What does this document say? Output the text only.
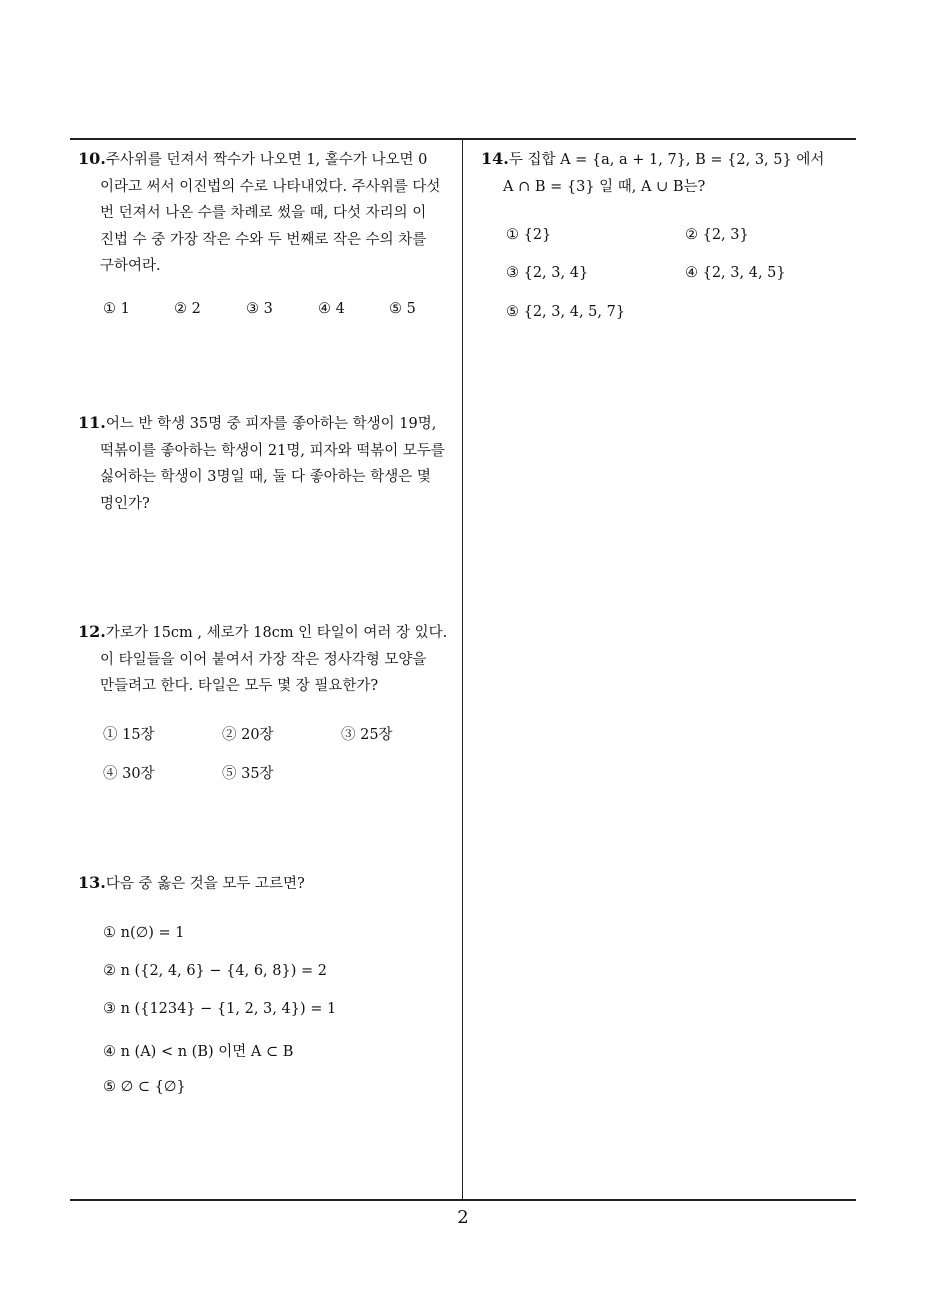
10.주사위를 던져서 짝수가 나오면 1, 홀수가 나오면 0
이라고 써서 이진법의 수로 나타내었다. 주사위를 다섯
번 던져서 나온 수를 차례로 썼을 때, 다섯 자리의 이
진법 수 중 가장 작은 수와 두 번째로 작은 수의 차를
구하여라.
① 1	② 2	③ 3	④ 4	⑤ 5
11.어느 반 학생 35명 중 피자를 좋아하는 학생이 19명,
떡볶이를 좋아하는 학생이 21명, 피자와 떡볶이 모두를
싫어하는 학생이 3명일 때, 둘 다 좋아하는 학생은 몇
명인가?
12.가로가 15cm , 세로가 18cm 인 타일이 여러 장 있다.
이 타일들을 이어 붙여서 가장 작은 정사각형 모양을
만들려고 한다. 타일은 모두 몇 장 필요한가?
① 15장	② 20장	③ 25장
④ 30장	⑤ 35장
13.다음 중 옳은 것을 모두 고르면?
① n(∅) = 1
② n ({2, 4, 6} − {4, 6, 8}) = 2
③ n ({1234} − {1, 2, 3, 4}) = 1
④ n (A) < n (B) 이면 A ⊂ B
⑤ ∅ ⊂ {∅}
14.두 집합 A = {a, a + 1, 7}, B = {2, 3, 5} 에서
A ∩ B = {3} 일 때, A ∪ B는?
① {2}	② {2, 3}
③ {2, 3, 4}	④ {2, 3, 4, 5}
⑤ {2, 3, 4, 5, 7}
2
